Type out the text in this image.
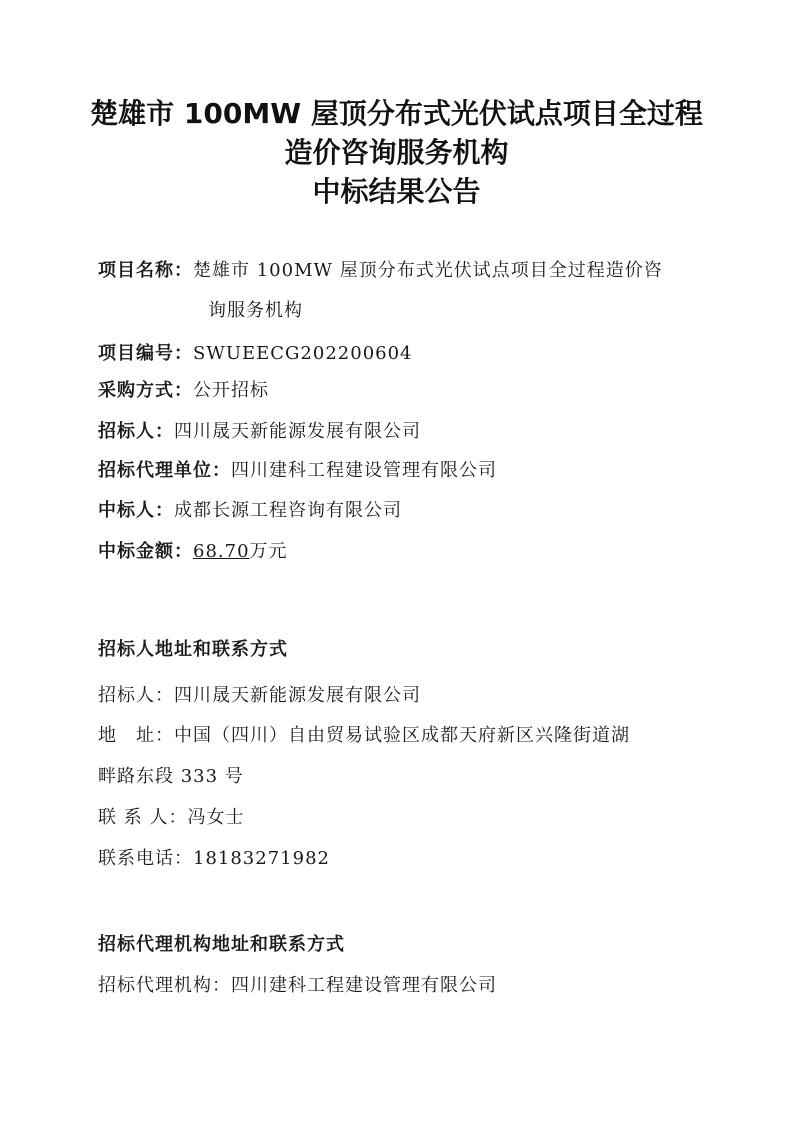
楚雄市 100MW 屋顶分布式光伏试点项目全过程
造价咨询服务机构
中标结果公告
项目名称：楚雄市 100MW 屋顶分布式光伏试点项目全过程造价咨
询服务机构
项目编号：SWUEECG202200604
采购方式：公开招标
招标人：四川晟天新能源发展有限公司
招标代理单位：四川建科工程建设管理有限公司
中标人：成都长源工程咨询有限公司
中标金额：68.70万元
招标人地址和联系方式
招标人：四川晟天新能源发展有限公司
地　址：中国（四川）自由贸易试验区成都天府新区兴隆街道湖
畔路东段 333 号
联 系 人：冯女士
联系电话：18183271982
招标代理机构地址和联系方式
招标代理机构：四川建科工程建设管理有限公司
